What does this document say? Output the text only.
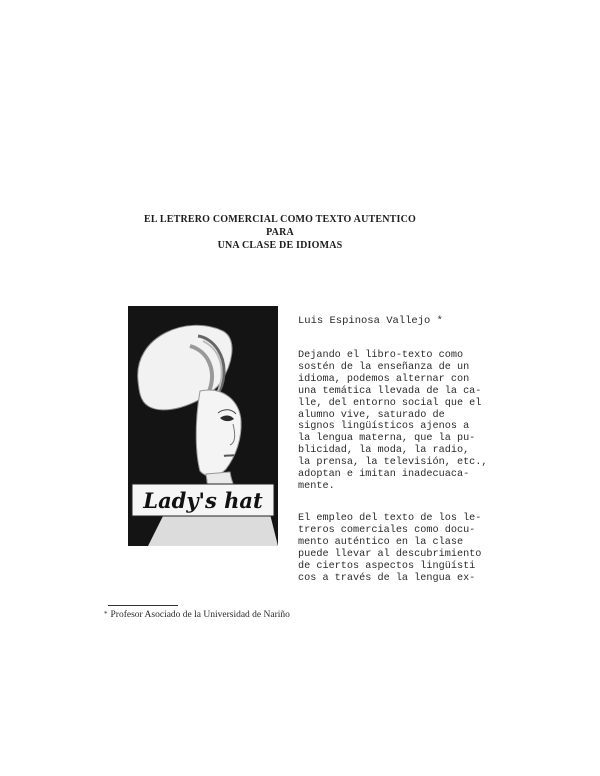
EL LETRERO COMERCIAL COMO TEXTO AUTENTICO PARA
UNA CLASE DE IDIOMAS
Lady's hat

Luis Espinosa Vallejo *

Dejando el libro-texto como
sostén de la enseñanza de un
idioma, podemos alternar con
una temática llevada de la ca-
lle, del entorno social que el
alumno vive, saturado de
signos lingüísticos ajenos a
la lengua materna, que la pu-
blicidad, la moda, la radio,
la prensa, la televisión, etc.,
adoptan e imitan inadecuaca-
mente.

El empleo del texto de los le-
treros comerciales como docu-
mento auténtico en la clase
puede llevar al descubrimiento
de ciertos aspectos lingüísti
cos a través de la lengua ex-

* Profesor Asociado de la Universidad de Nariño
